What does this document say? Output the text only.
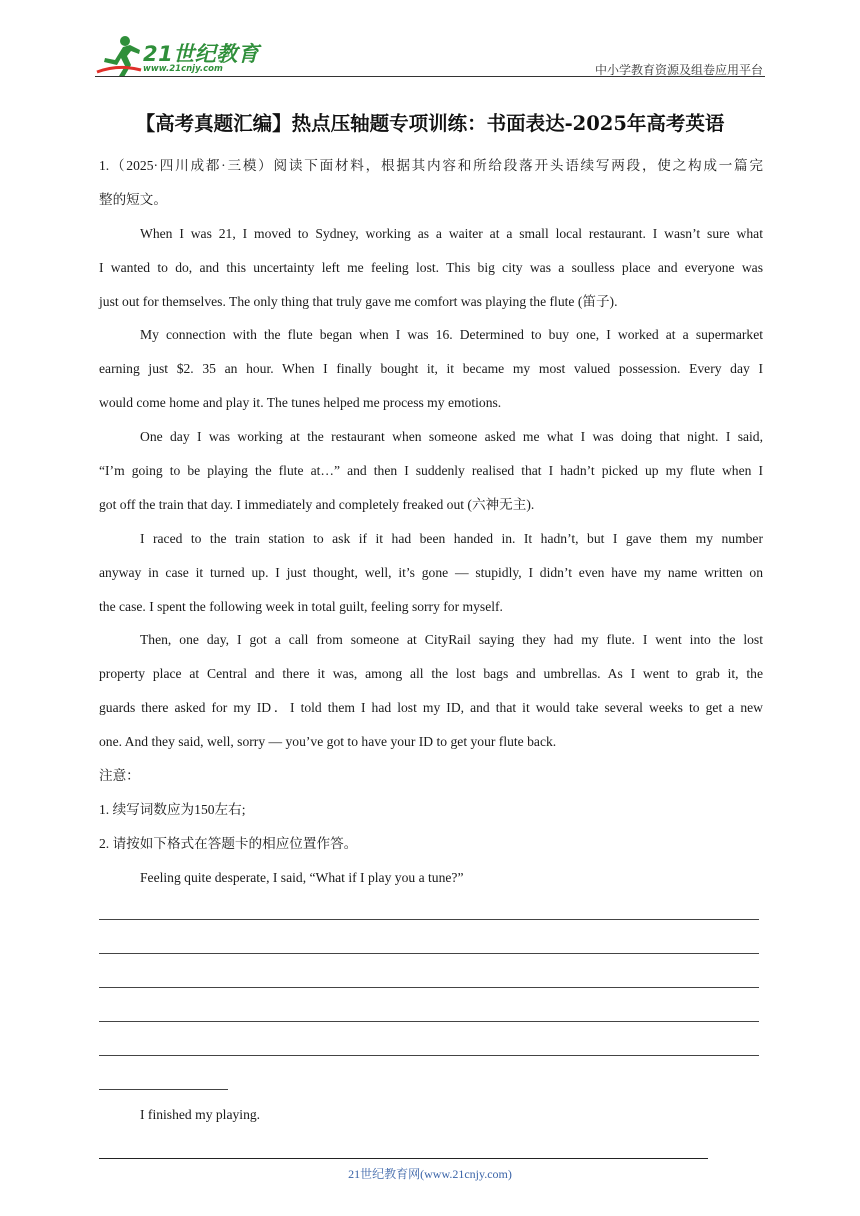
21世纪教育
www.21cnjy.com	中小学教育资源及组卷应用平台
【高考真题汇编】热点压轴题专项训练：书面表达-2025年高考英语
1.（2025·四川成都·三模）阅读下面材料，根据其内容和所给段落开头语续写两段，使之构成一篇完
整的短文。
When I was 21, I moved to Sydney, working as a waiter at a small local restaurant. I wasn’t sure what
I wanted to do, and this uncertainty left me feeling lost. This big city was a soulless place and everyone was
just out for themselves. The only thing that truly gave me comfort was playing the flute (笛子).
My connection with the flute began when I was 16. Determined to buy one, I worked at a supermarket
earning just $2. 35 an hour. When I finally bought it, it became my most valued possession. Every day I
would come home and play it. The tunes helped me process my emotions.
One day I was working at the restaurant when someone asked me what I was doing that night. I said,
“I’m going to be playing the flute at…” and then I suddenly realised that I hadn’t picked up my flute when I
got off the train that day. I immediately and completely freaked out (六神无主).
I raced to the train station to ask if it had been handed in. It hadn’t, but I gave them my number
anyway in case it turned up. I just thought, well, it’s gone — stupidly, I didn’t even have my name written on
the case. I spent the following week in total guilt, feeling sorry for myself.
Then, one day, I got a call from someone at CityRail saying they had my flute. I went into the lost
property place at Central and there it was, among all the lost bags and umbrellas. As I went to grab it, the
guards there asked for my ID．I told them I had lost my ID, and that it would take several weeks to get a new
one. And they said, well, sorry — you’ve got to have your ID to get your flute back.
注意：
1. 续写词数应为150左右;
2. 请按如下格式在答题卡的相应位置作答。
Feeling quite desperate, I said, “What if I play you a tune?”
I finished my playing.
21世纪教育网(www.21cnjy.com)
